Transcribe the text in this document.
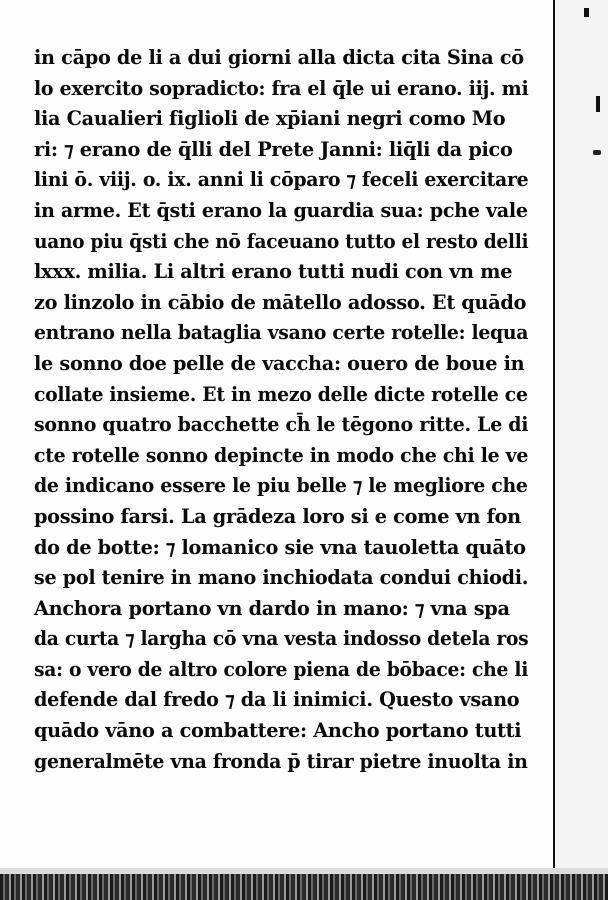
in cāpo de li a dui giorni alla dicta cita Sina cō
lo exercito sopradicto: fra el q̄le ui erano. iij. mi
lia Caualieri figlioli de xp̄iani negri como Mo
ri: ⁊ erano de q̄lli del Prete Janni: liq̄li da pico
lini ō. viij. o. ix. anni li cōparo ⁊ feceli exercitare
in arme. Et q̄sti erano la guardia sua: pche vale
uano piu q̄sti che nō faceuano tutto el resto delli
lxxx. milia. Li altri erano tutti nudi con vn me
zo linzolo in cābio de mātello adosso. Et quādo
entrano nella bataglia vsano certe rotelle: lequa
le sonno doe pelle de vaccha: ouero de boue in
collate insieme. Et in mezo delle dicte rotelle ce
sonno quatro bacchette ch̄ le tēgono ritte. Le di
cte rotelle sonno depincte in modo che chi le ve
de indicano essere le piu belle ⁊ le megliore che
possino farsi. La grādeza loro si e come vn fon
do de botte: ⁊ lomanico sie vna tauoletta quāto
se pol tenire in mano inchiodata condui chiodi.
Anchora portano vn dardo in mano: ⁊ vna spa
da curta ⁊ largha cō vna vesta indosso detela ros
sa: o vero de altro colore piena de bōbace: che li
defende dal fredo ⁊ da li inimici. Questo vsano
quādo vāno a combattere: Ancho portano tutti
generalmēte vna fronda p̄ tirar pietre inuolta in
